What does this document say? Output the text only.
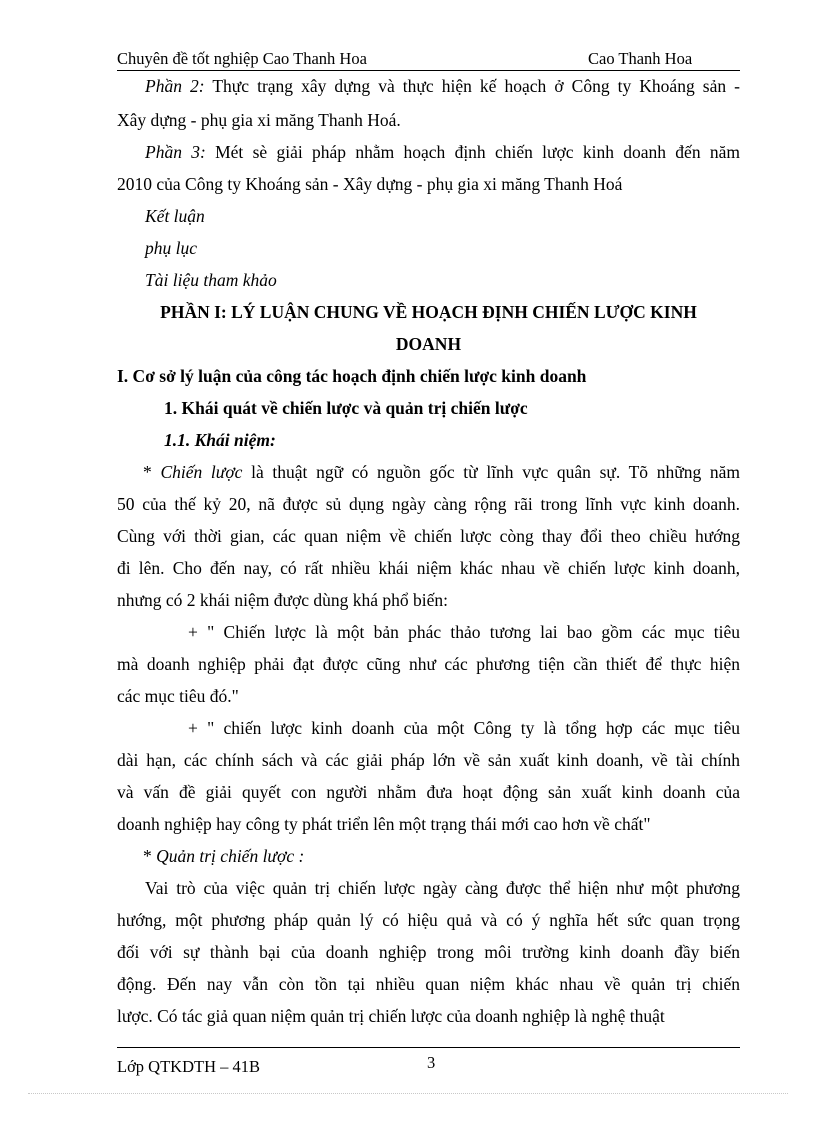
Chuyên đề tốt nghiệp Cao Thanh Hoa	Cao Thanh Hoa
Phần 2: Thực trạng xây dựng và thực hiện kế hoạch ở Công ty Khoáng sản -
Xây dựng - phụ gia xi măng Thanh Hoá.
Phần 3: Mét sè giải pháp nhằm hoạch định chiến lược kinh doanh đến năm
2010 của Công ty Khoáng sản - Xây dựng - phụ gia xi măng Thanh Hoá
Kết luận
phụ lục
Tài liệu tham khảo
PHẦN I: LÝ LUẬN CHUNG VỀ HOẠCH ĐỊNH CHIẾN LƯỢC KINH
DOANH
I. Cơ sở lý luận của công tác hoạch định chiến lược kinh doanh
1. Khái quát về chiến lược và quản trị chiến lược
1.1. Khái niệm:
* Chiến lược là thuật ngữ có nguồn gốc từ lĩnh vực quân sự. Tõ những năm
50 của thế kỷ 20, nã được sủ dụng ngày càng rộng rãi trong lĩnh vực kinh doanh.
Cùng với thời gian, các quan niệm về chiến lược còng thay đổi theo chiều hướng
đi lên. Cho đến nay, có rất nhiều khái niệm khác nhau về chiến lược kinh doanh,
nhưng có 2 khái niệm được dùng khá phổ biến:
+ " Chiến lược là một bản phác thảo tương lai bao gồm các mục tiêu
mà doanh nghiệp phải đạt được cũng như các phương tiện cần thiết để thực hiện
các mục tiêu đó."
+ " chiến lược kinh doanh của một Công ty là tổng hợp các mục tiêu
dài hạn, các chính sách và các giải pháp lớn về sản xuất kinh doanh, về tài chính
và vấn đề giải quyết con người nhằm đưa hoạt động sản xuất kinh doanh của
doanh nghiệp hay công ty phát triển lên một trạng thái mới cao hơn về chất"
* Quản trị chiến lược :
Vai trò của việc quản trị chiến lược ngày càng được thể hiện như một phương
hướng, một phương pháp quản lý có hiệu quả và có ý nghĩa hết sức quan trọng
đối với sự thành bại của doanh nghiệp trong môi trường kinh doanh đầy biến
động. Đến nay vẫn còn tồn tại nhiều quan niệm khác nhau về quản trị chiến
lược. Có tác giả quan niệm quản trị chiến lược của doanh nghiệp là nghệ thuật
Lớp QTKDTH – 41B	3
